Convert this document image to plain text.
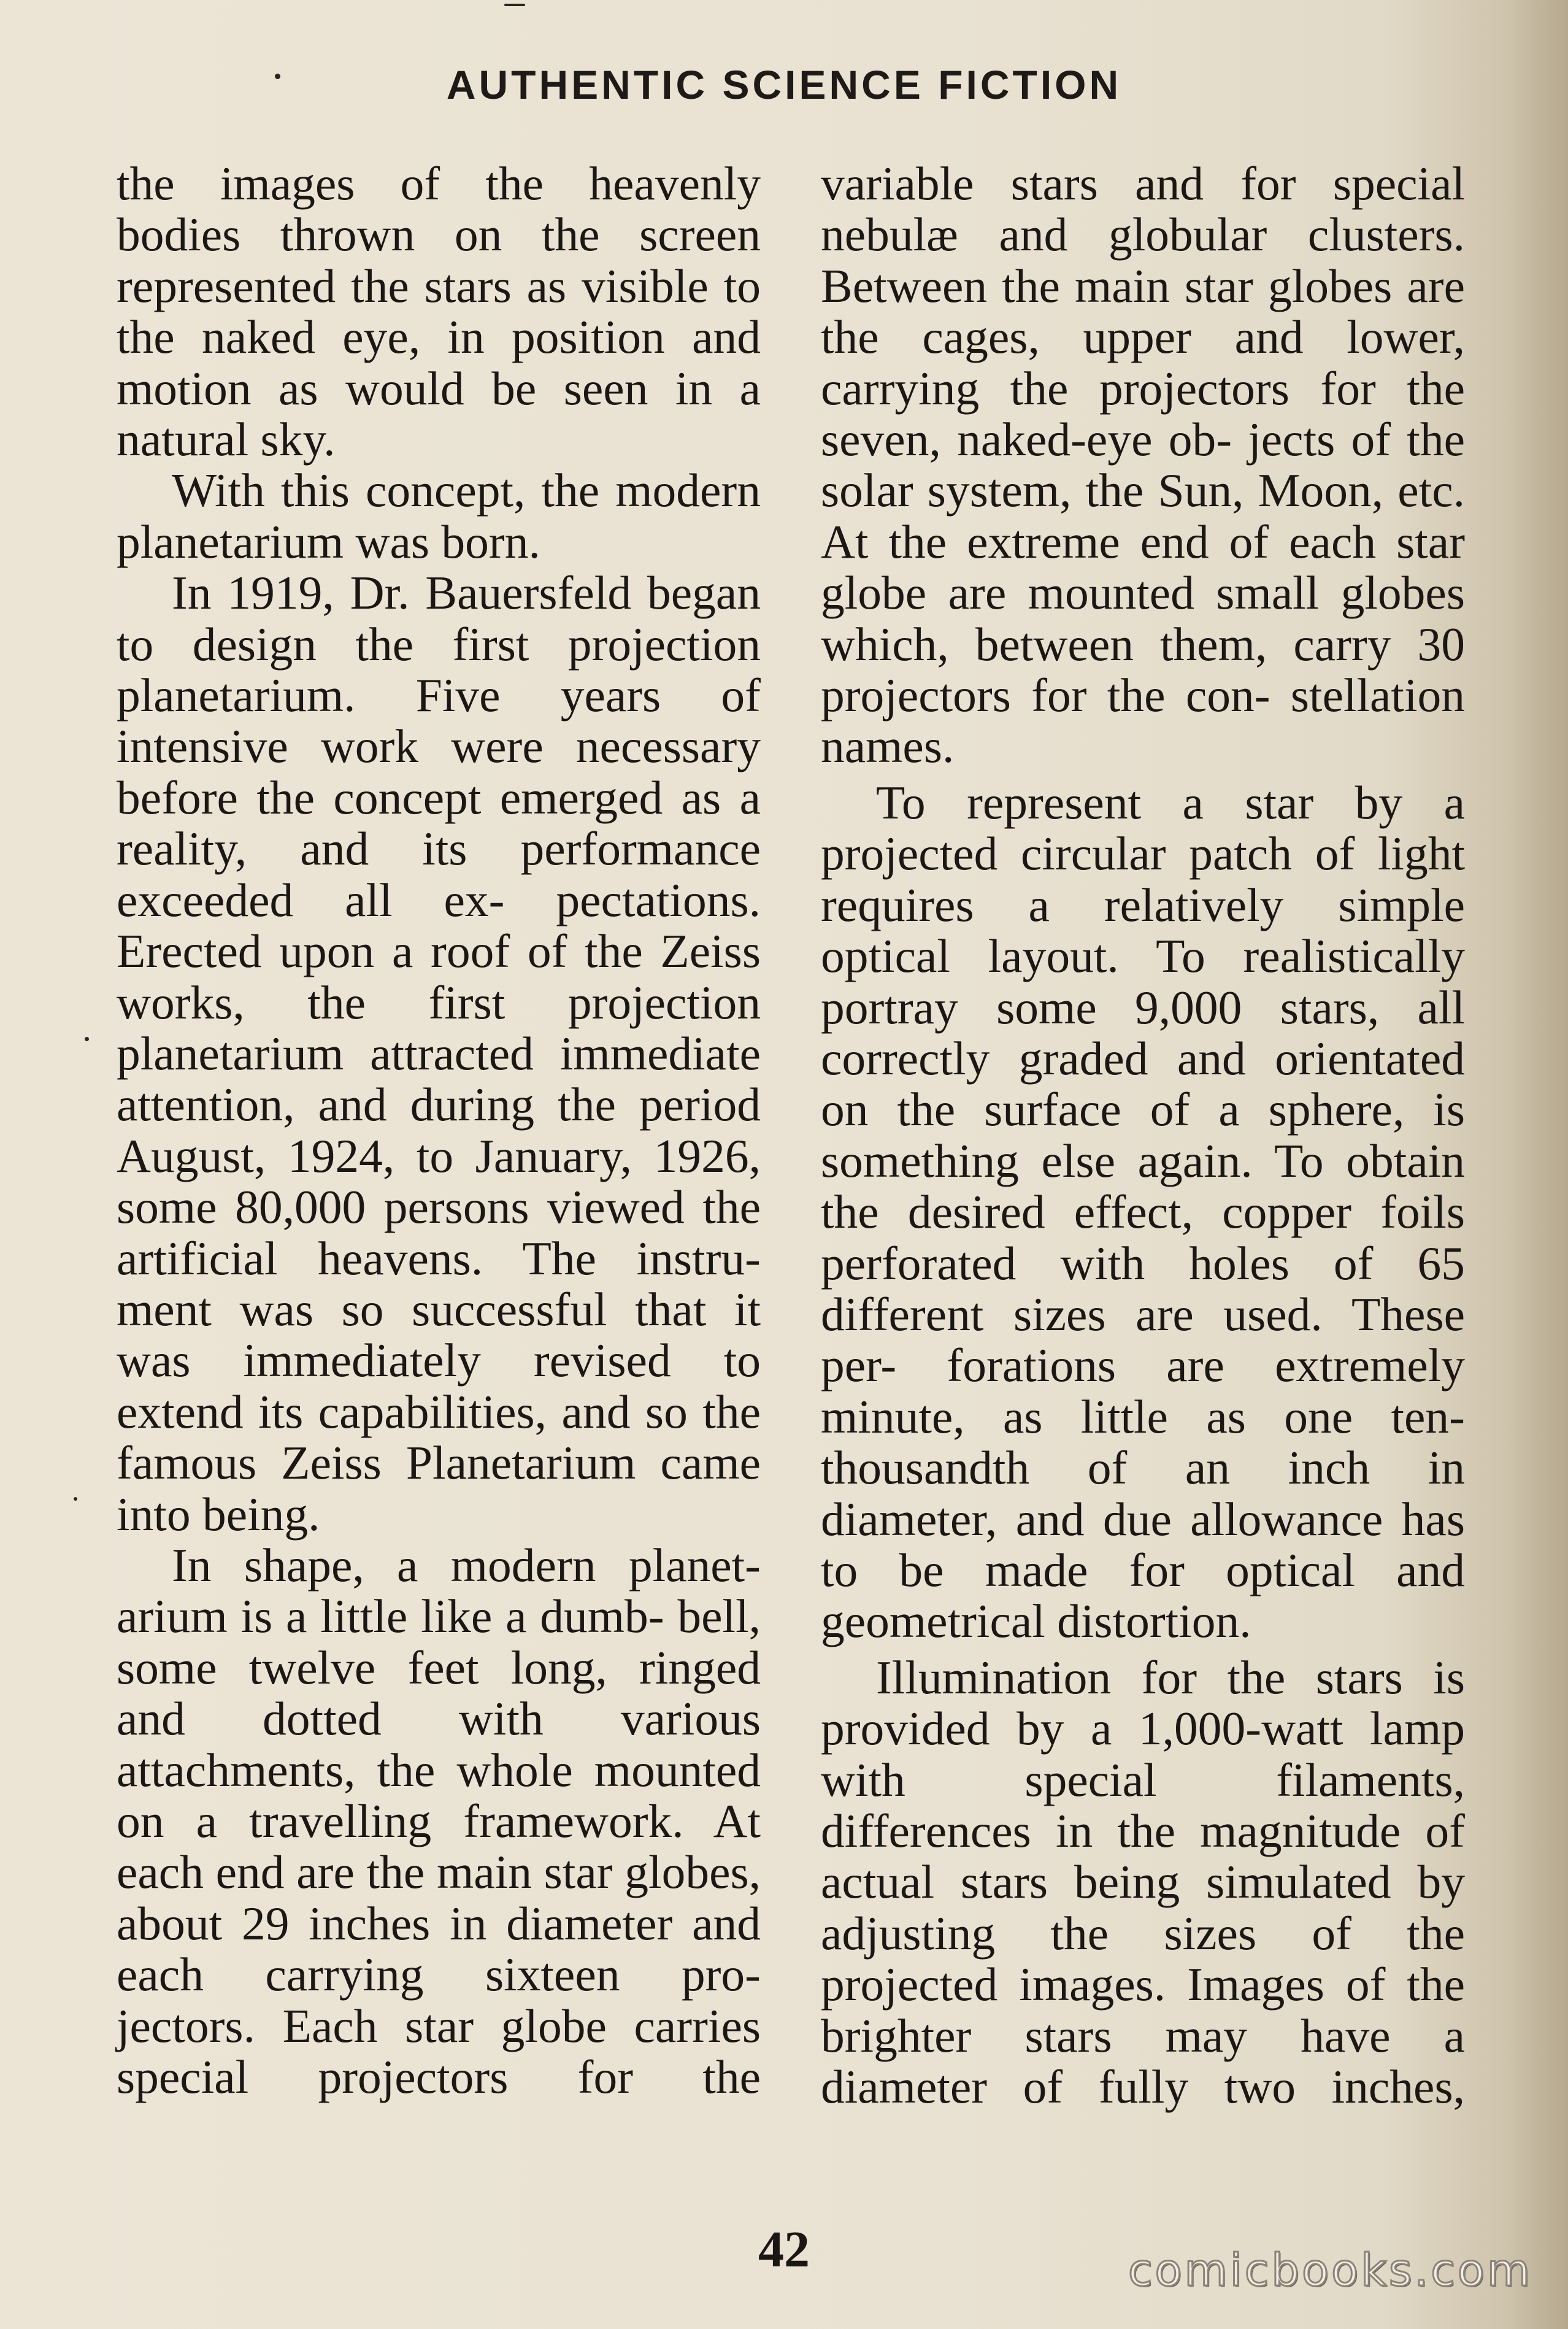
AUTHENTIC SCIENCE FICTION

the images of the heavenly bodies thrown on the screen represented the stars as visible to the naked eye, in position and motion as would be seen in a natural sky.

With this concept, the modern planetarium was born.

In 1919, Dr. Bauersfeld began to design the first projection planetarium. Five years of intensive work were necessary before the concept emerged as a reality, and its performance exceeded all ex- pectations. Erected upon a roof of the Zeiss works, the first projection planetarium attracted immediate attention, and during the period August, 1924, to January, 1926, some 80,000 persons viewed the artificial heavens. The instru- ment was so successful that it was immediately revised to extend its capabilities, and so the famous Zeiss Planetarium came into being.

In shape, a modern planet- arium is a little like a dumb- bell, some twelve feet long, ringed and dotted with various attachments, the whole mounted on a travelling framework. At each end are the main star globes, about 29 inches in diameter and each carrying sixteen pro- jectors. Each star globe carries special projectors for the

variable stars and for special nebulæ and globular clusters. Between the main star globes are the cages, upper and lower, carrying the projectors for the seven, naked-eye ob- jects of the solar system, the Sun, Moon, etc. At the extreme end of each star globe are mounted small globes which, between them, carry 30 projectors for the con- stellation names.

To represent a star by a projected circular patch of light requires a relatively simple optical layout. To realistically portray some 9,000 stars, all correctly graded and orientated on the surface of a sphere, is something else again. To obtain the desired effect, copper foils perforated with holes of 65 different sizes are used. These per- forations are extremely minute, as little as one ten-thousandth of an inch in diameter, and due allowance has to be made for optical and geometrical distortion.

Illumination for the stars is provided by a 1,000-watt lamp with special filaments, differences in the magnitude of actual stars being simulated by adjusting the sizes of the projected images. Images of the brighter stars may have a diameter of fully two inches,

42	comicbooks.com
